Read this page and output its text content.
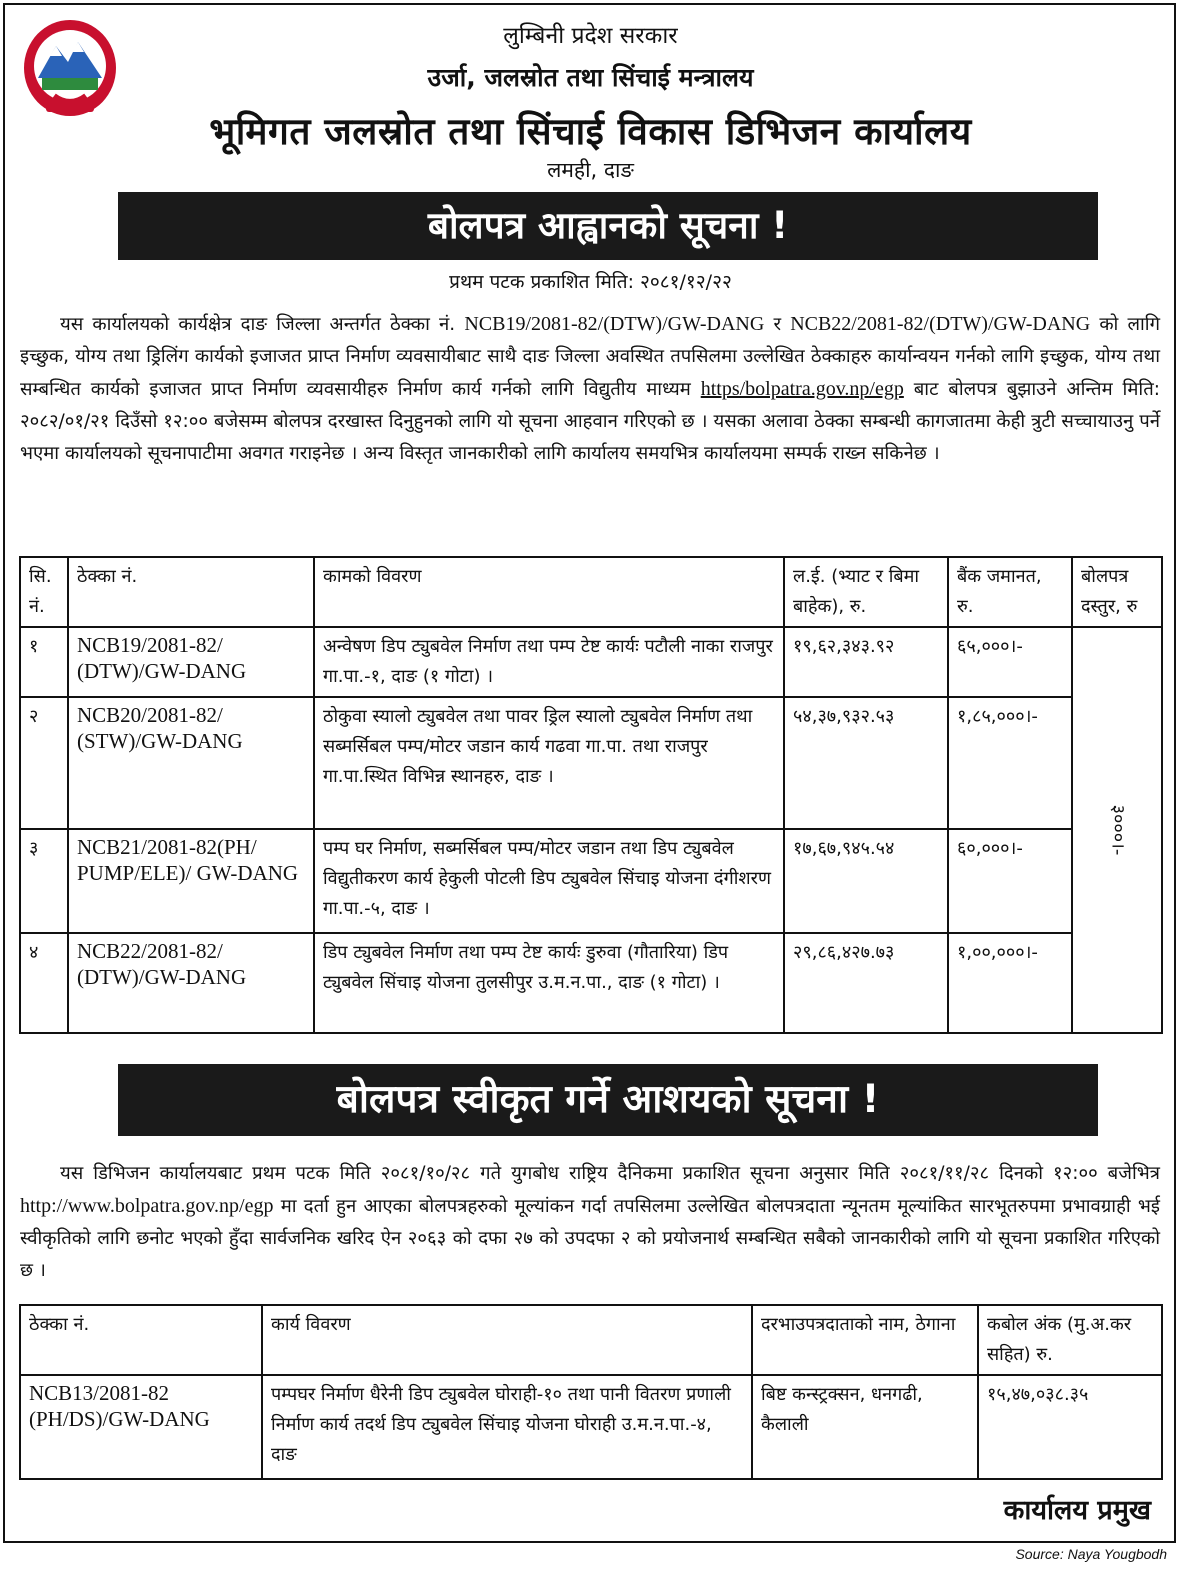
लुम्बिनी प्रदेश सरकार
उर्जा, जलस्रोत तथा सिंचाई मन्त्रालय
भूमिगत जलस्रोत तथा सिंचाई विकास डिभिजन कार्यालय
लमही, दाङ
बोलपत्र आह्वानको सूचना !
प्रथम पटक प्रकाशित मिति: २०८१/१२/२२

यस कार्यालयको कार्यक्षेत्र दाङ जिल्ला अन्तर्गत ठेक्का नं. NCB19/2081-82/(DTW)/GW-DANG र NCB22/2081-82/(DTW)/GW-DANG को लागि इच्छुक, योग्य तथा ड्रिलिंग कार्यको इजाजत प्राप्त निर्माण व्यवसायीबाट साथै दाङ जिल्ला अवस्थित तपसिलमा उल्लेखित ठेक्काहरु कार्यान्वयन गर्नको लागि इच्छुक, योग्य तथा सम्बन्धित कार्यको इजाजत प्राप्त निर्माण व्यवसायीहरु निर्माण कार्य गर्नको लागि विद्युतीय माध्यम https/bolpatra.gov.np/egp बाट बोलपत्र बुझाउने अन्तिम मिति: २०८२/०१/२१ दिउँसो १२:०० बजेसम्म बोलपत्र दरखास्त दिनुहुनको लागि यो सूचना आहवान गरिएको छ । यसका अलावा ठेक्का सम्बन्धी कागजातमा केही त्रुटी सच्चायाउनु पर्ने भएमा कार्यालयको सूचनापाटीमा अवगत गराइनेछ । अन्य विस्तृत जानकारीको लागि कार्यालय समयभित्र कार्यालयमा सम्पर्क राख्न सकिनेछ ।

सि. नं.	ठेक्का नं.	कामको विवरण	ल.ई. (भ्याट र बिमा बाहेक), रु.	बैंक जमानत, रु.	बोलपत्र दस्तुर, रु
१	NCB19/2081-82/ (DTW)/GW-DANG	अन्वेषण डिप ट्युबवेल निर्माण तथा पम्प टेष्ट कार्यः पटौली नाका राजपुर गा.पा.-१, दाङ (१ गोटा) ।	१९,६२,३४३.९२	६५,०००।-	३०००।-
२	NCB20/2081-82/ (STW)/GW-DANG	ठोकुवा स्यालो ट्युबवेल तथा पावर ड्रिल स्यालो ट्युबवेल निर्माण तथा सब्मर्सिबल पम्प/मोटर जडान कार्य गढवा गा.पा. तथा राजपुर गा.पा.स्थित विभिन्न स्थानहरु, दाङ ।	५४,३७,९३२.५३	१,८५,०००।-	
३	NCB21/2081-82(PH/ PUMP/ELE)/ GW-DANG	पम्प घर निर्माण, सब्मर्सिबल पम्प/मोटर जडान तथा डिप ट्युबवेल विद्युतीकरण कार्य हेकुली पोटली डिप ट्युबवेल सिंचाइ योजना दंगीशरण गा.पा.-५, दाङ ।	१७,६७,९४५.५४	६०,०००।-	
४	NCB22/2081-82/ (DTW)/GW-DANG	डिप ट्युबवेल निर्माण तथा पम्प टेष्ट कार्यः डुरुवा (गौतारिया) डिप ट्युबवेल सिंचाइ योजना तुलसीपुर उ.म.न.पा., दाङ (१ गोटा) ।	२९,८६,४२७.७३	१,००,०००।-	
बोलपत्र स्वीकृत गर्ने आशयको सूचना !

यस डिभिजन कार्यालयबाट प्रथम पटक मिति २०८१/१०/२८ गते युगबोध राष्ट्रिय दैनिकमा प्रकाशित सूचना अनुसार मिति २०८१/११/२८ दिनको १२:०० बजेभित्र http://www.bolpatra.gov.np/egp मा दर्ता हुन आएका बोलपत्रहरुको मूल्यांकन गर्दा तपसिलमा उल्लेखित बोलपत्रदाता न्यूनतम मूल्यांकित सारभूतरुपमा प्रभावग्राही भई स्वीकृतिको लागि छनोट भएकाे हुँदा सार्वजनिक खरिद ऐन २०६३ को दफा २७ को उपदफा २ को प्रयोजनार्थ सम्बन्धित सबैको जानकारीको लागि यो सूचना प्रकाशित गरिएको छ ।

ठेक्का नं.	कार्य विवरण	दरभाउपत्रदाताको नाम, ठेगाना	कबोल अंक (मु.अ.कर सहित) रु.
NCB13/2081-82 (PH/DS)/GW-DANG	पम्पघर निर्माण धैरेनी डिप ट्युबवेल घोराही-१० तथा पानी वितरण प्रणाली निर्माण कार्य तदर्थ डिप ट्युबवेल सिंचाइ योजना घोराही उ.म.न.पा.-४, दाङ	बिष्ट कन्स्ट्रक्सन, धनगढी, कैलाली	१५,४७,०३८.३५
कार्यालय प्रमुख
Source: Naya Yougbodh
